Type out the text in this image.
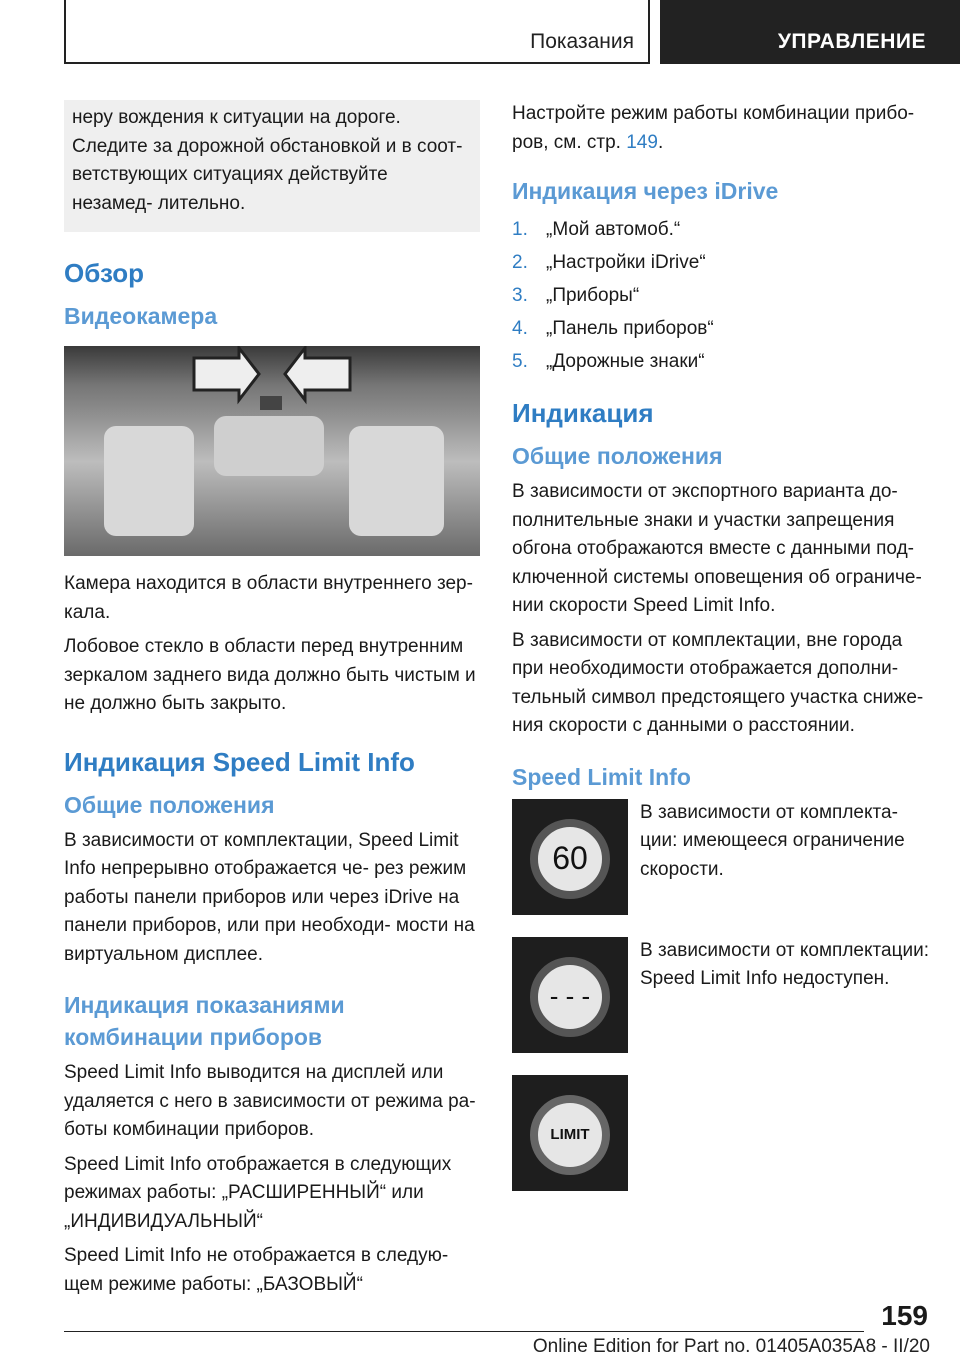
Показания	УПРАВЛЕНИЕ

неру вождения к ситуации на дороге. Следите за дорожной обстановкой и в соот- ветствующих ситуациях действуйте незамед- лительно.

Обзор
Видеокамера

Камера находится в области внутреннего зер- кала.

Лобовое стекло в области перед внутренним зеркалом заднего вида должно быть чистым и не должно быть закрыто.

Индикация Speed Limit Info
Общие положения

В зависимости от комплектации, Speed Limit Info непрерывно отображается че- рез режим работы панели приборов или через iDrive на панели приборов, или при необходи- мости на виртуальном дисплее.

Индикация показаниями комбинации приборов

Speed Limit Info выводится на дисплей или удаляется с него в зависимости от режима ра- боты комбинации приборов.

Speed Limit Info отображается в следующих режимах работы: „РАСШИРЕННЫЙ“ или „ИНДИВИДУАЛЬНЫЙ“

Speed Limit Info не отображается в следую- щем режиме работы: „БАЗОВЫЙ“

Настройте режим работы комбинации прибо- ров, см. стр. 149.

Индикация через iDrive
1. „Мой автомоб.“
2. „Настройки iDrive“
3. „Приборы“
4. „Панель приборов“
5. „Дорожные знаки“
Индикация
Общие положения

В зависимости от экспортного варианта до- полнительные знаки и участки запрещения обгона отображаются вместе с данными под- ключенной системы оповещения об ограниче- нии скорости Speed Limit Info.

В зависимости от комплектации, вне города при необходимости отображается дополни- тельный символ предстоящего участка сниже- ния скорости с данными о расстоянии.

Speed Limit Info
60

В зависимости от комплекта- ции: имеющееся ограничение скорости.

- - -

В зависимости от комплектации: Speed Limit Info недоступен.

LIMIT
159
Online Edition for Part no. 01405A035A8 - II/20
